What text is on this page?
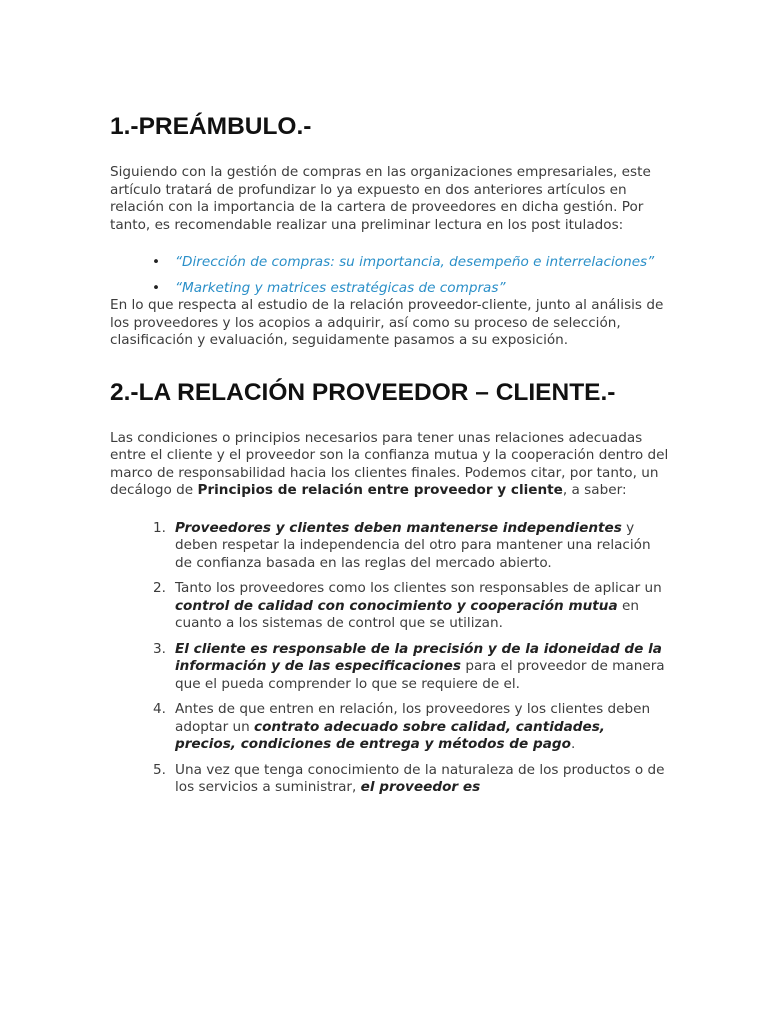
1.-PREÁMBULO.-

Siguiendo con la gestión de compras en las organizaciones empresariales, este artículo tratará de profundizar lo ya expuesto en dos anteriores artículos en relación con la importancia de la cartera de proveedores en dicha gestión. Por tanto, es recomendable realizar una preliminar lectura en los post itulados:

• “Dirección de compras: su importancia, desempeño e interrelaciones”
• “Marketing y matrices estratégicas de compras”

En lo que respecta al estudio de la relación proveedor-cliente, junto al análisis de los proveedores y los acopios a adquirir, así como su proceso de selección, clasificación y evaluación, seguidamente pasamos a su exposición.

2.-LA RELACIÓN PROVEEDOR – CLIENTE.-

Las condiciones o principios necesarios para tener unas relaciones adecuadas entre el cliente y el proveedor son la confianza mutua y la cooperación dentro del marco de responsabilidad hacia los clientes finales. Podemos citar, por tanto, un decálogo de Principios de relación entre proveedor y cliente, a saber:

1. Proveedores y clientes deben mantenerse independientes y deben respetar la independencia del otro para mantener una relación de confianza basada en las reglas del mercado abierto.
2. Tanto los proveedores como los clientes son responsables de aplicar un control de calidad con conocimiento y cooperación mutua en cuanto a los sistemas de control que se utilizan.
3. El cliente es responsable de la precisión y de la idoneidad de la información y de las especificaciones para el proveedor de manera que el pueda comprender lo que se requiere de el.
4. Antes de que entren en relación, los proveedores y los clientes deben adoptar un contrato adecuado sobre calidad, cantidades, precios, condiciones de entrega y métodos de pago.
5. Una vez que tenga conocimiento de la naturaleza de los productos o de los servicios a suministrar, el proveedor es
